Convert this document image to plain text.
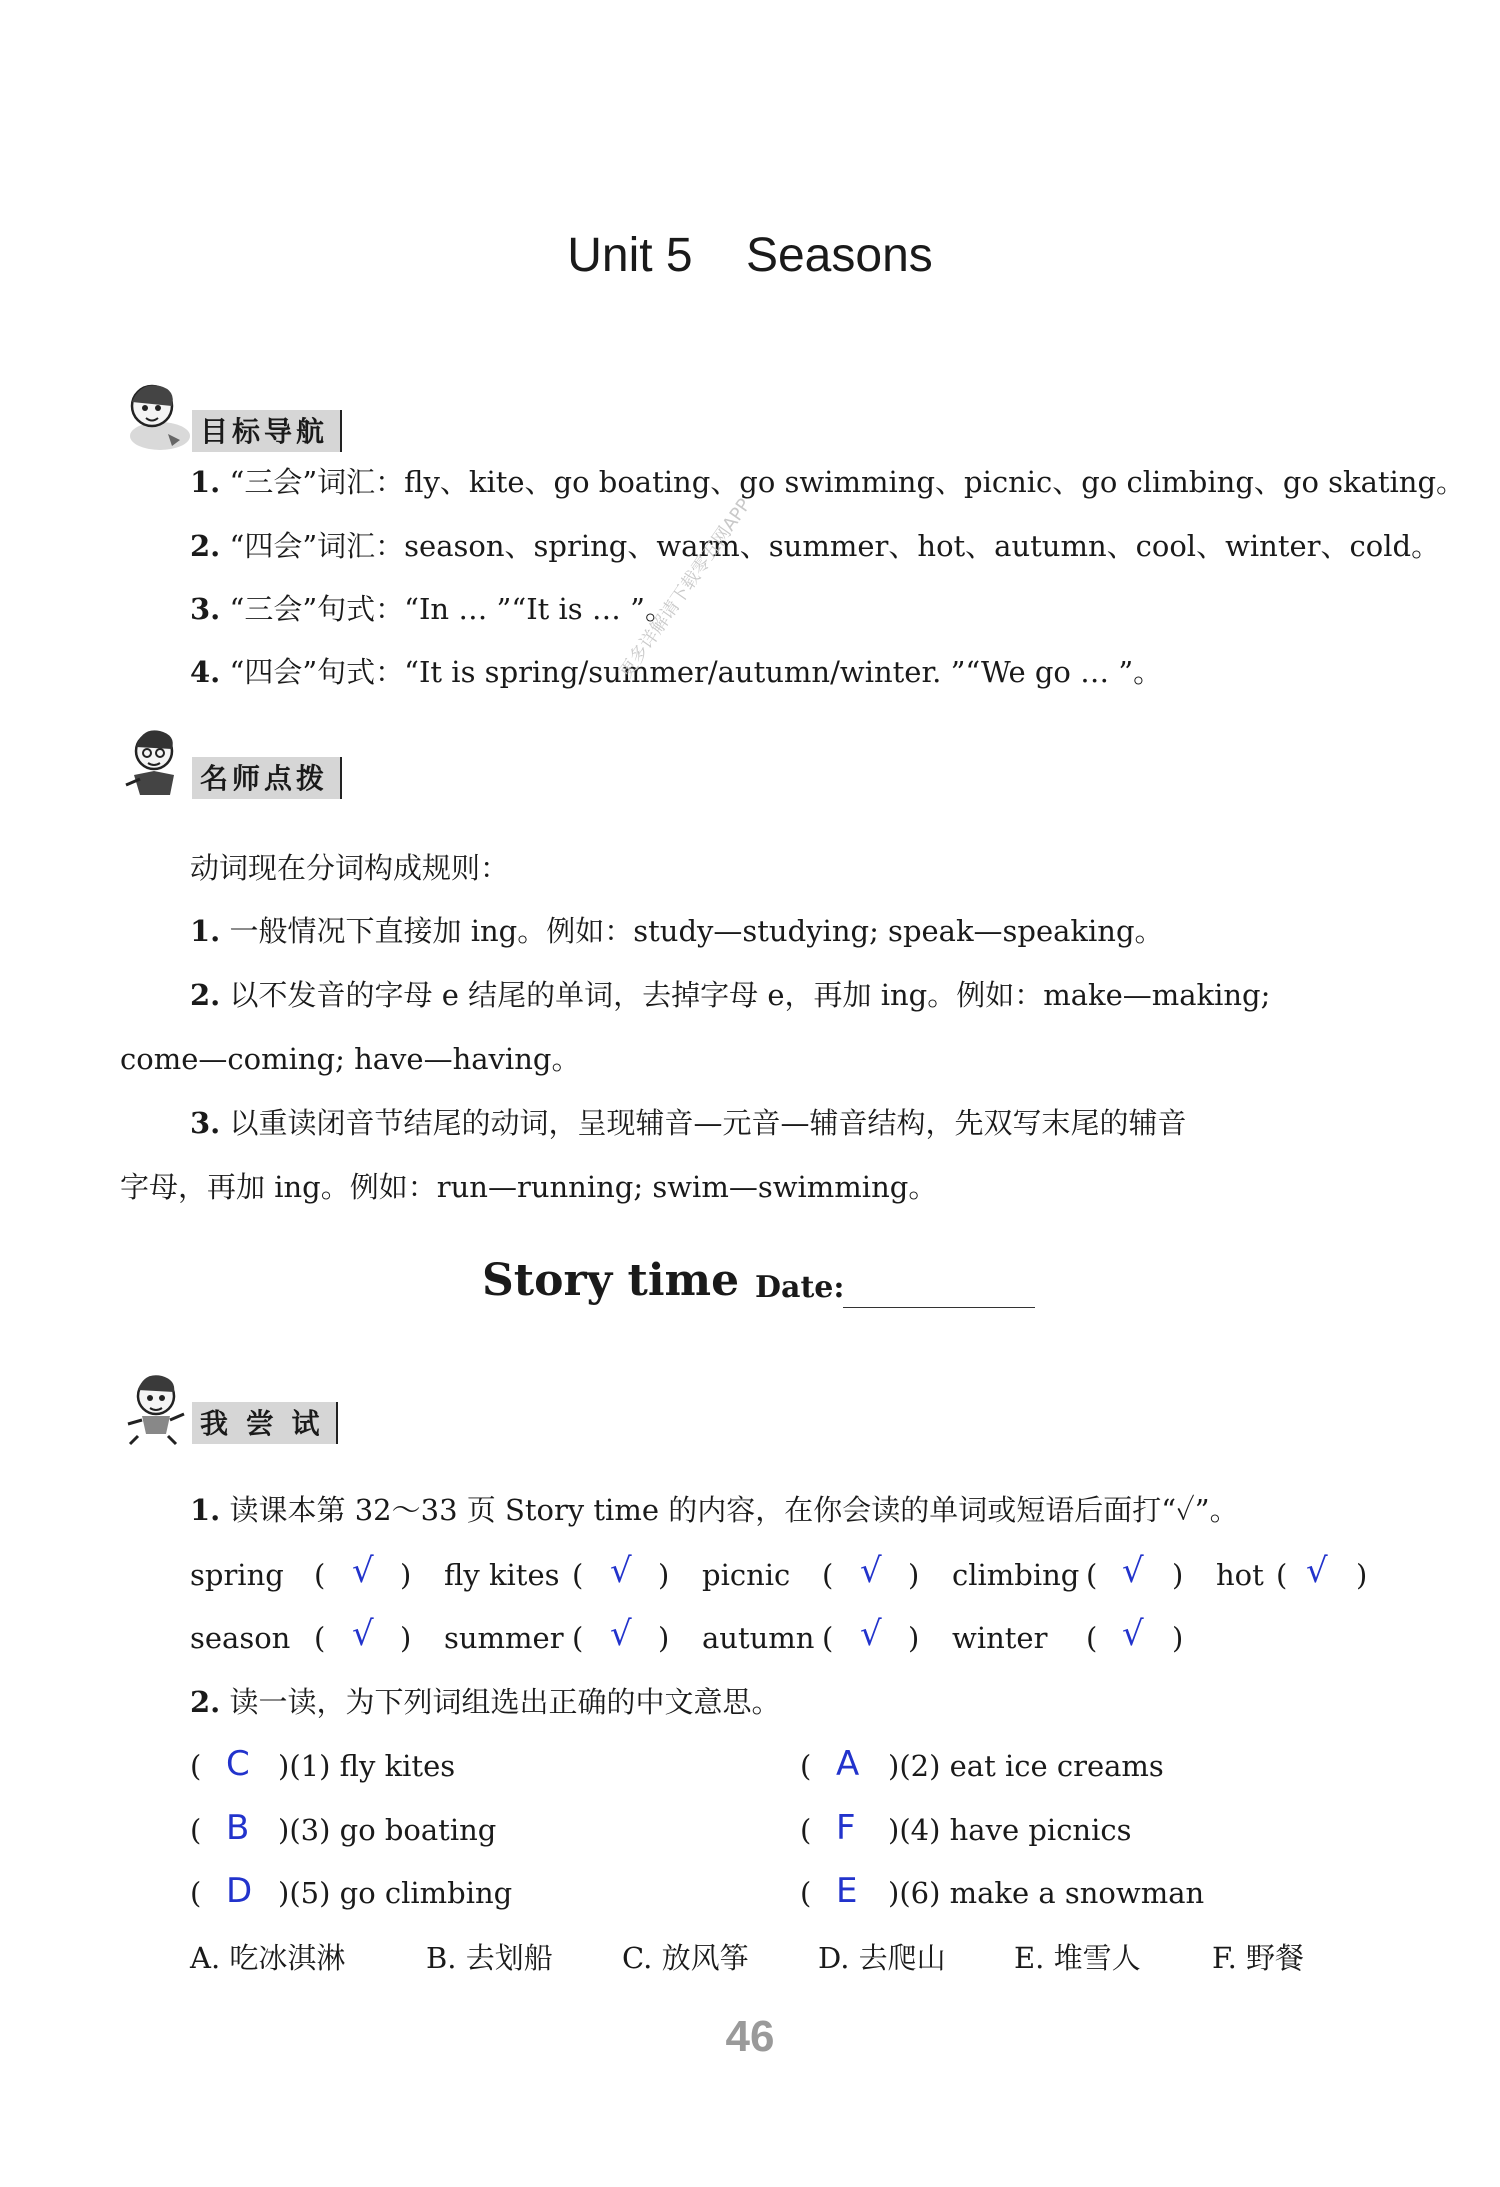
Unit 5    Seasons
目标导航
1. “三会”词汇：fly、kite、go boating、go swimming、picnic、go climbing、go skating。
2. “四会”词汇：season、spring、warm、summer、hot、autumn、cool、winter、cold。
3. “三会”句式：“In … ”“It is … ”。
4. “四会”句式：“It is spring/summer/autumn/winter. ”“We go … ”。
更多详解请下载零五网APP
名师点拨
动词现在分词构成规则：
1. 一般情况下直接加 ing。例如：study—studying; speak—speaking。
2. 以不发音的字母 e 结尾的单词，去掉字母 e，再加 ing。例如：make—making;
come—coming; have—having。
3. 以重读闭音节结尾的动词，呈现辅音—元音—辅音结构，先双写末尾的辅音
字母，再加 ing。例如：run—running; swim—swimming。
Story time Date:
我 尝 试
1. 读课本第 32～33 页 Story time 的内容，在你会读的单词或短语后面打“✓”。
spring ( √ ) fly kites ( √ ) picnic ( √ ) climbing ( √ ) hot ( √ )
season ( √ ) summer ( √ ) autumn ( √ ) winter ( √ )
2. 读一读，为下列词组选出正确的中文意思。
( C )(1) fly kites	( A )(2) eat ice creams
( B )(3) go boating	( F )(4) have picnics
( D )(5) go climbing	( E )(6) make a snowman
A. 吃冰淇淋	B. 去划船 C. 放风筝 D. 去爬山 E. 堆雪人 F. 野餐
46
